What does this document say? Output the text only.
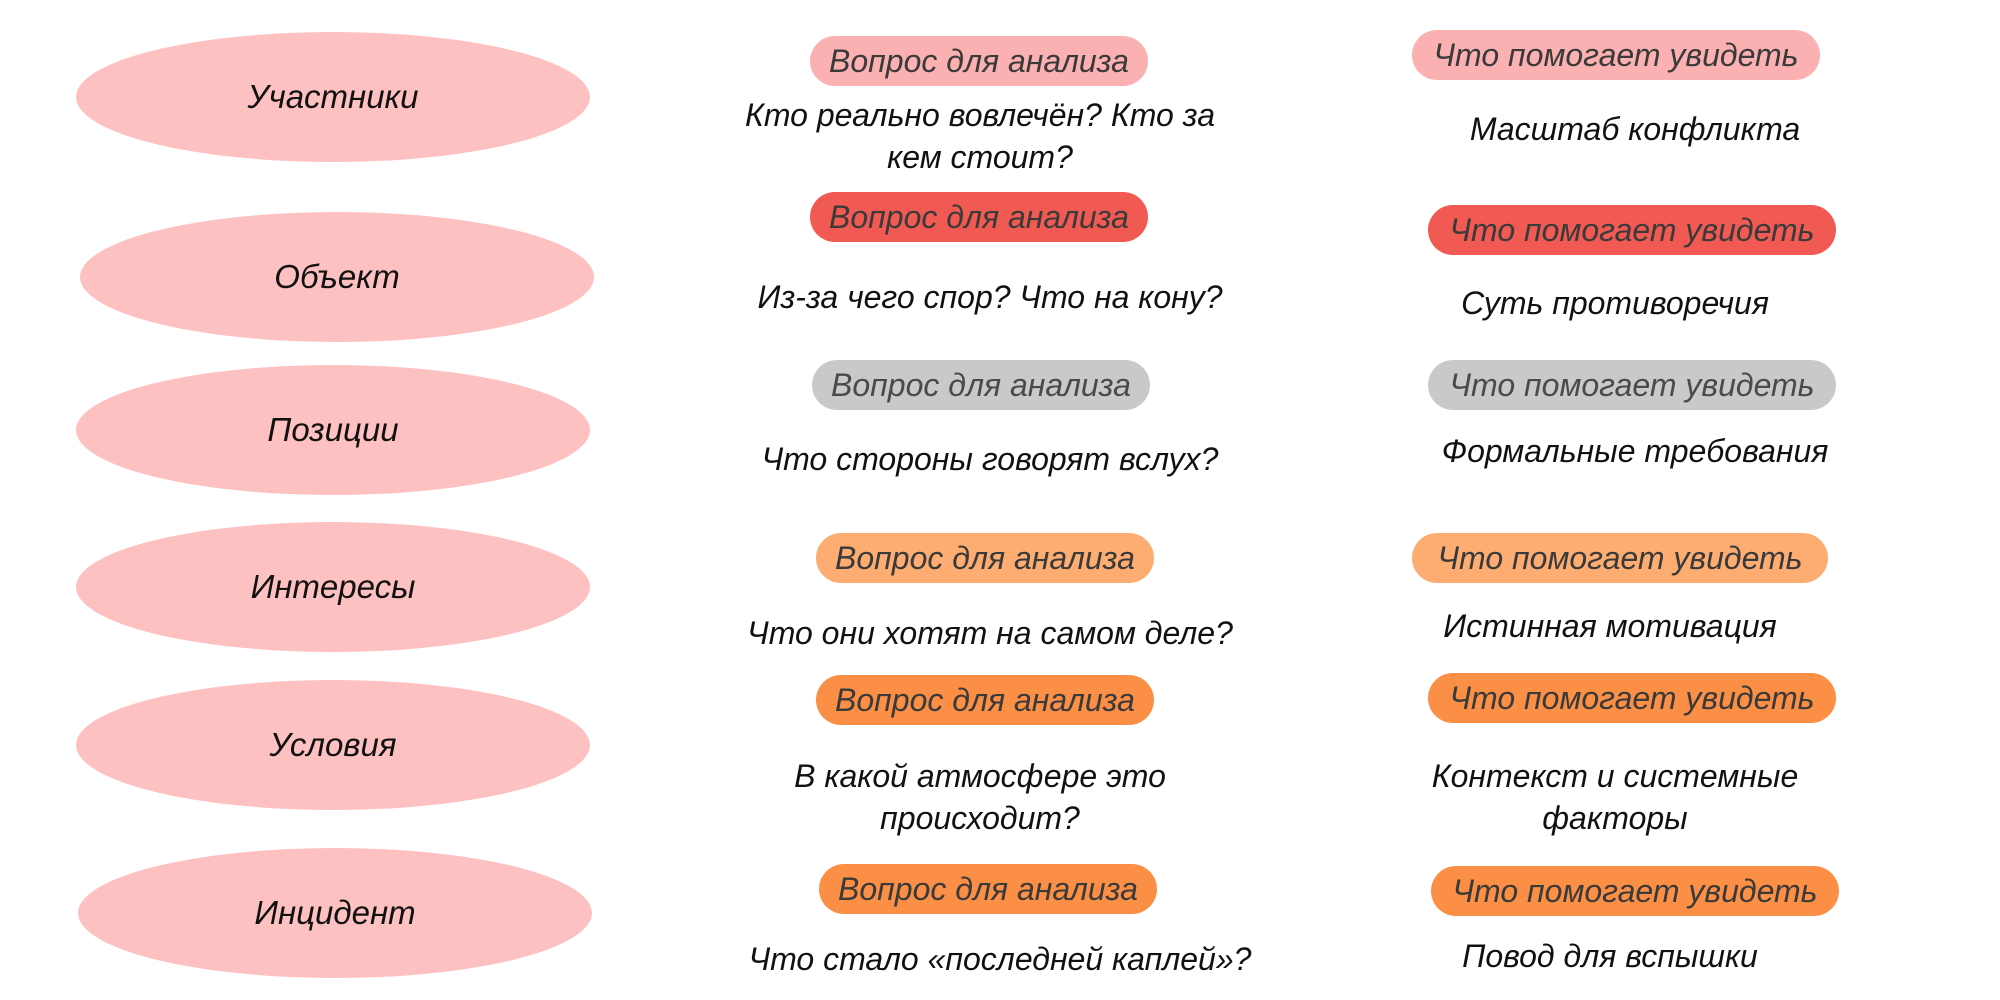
Участники
Вопрос для анализа
Кто реально вовлечён? Кто за кем стоит?
Что помогает увидеть
Масштаб конфликта
Объект
Вопрос для анализа
Из-за чего спор? Что на кону?
Что помогает увидеть
Суть противоречия
Позиции
Вопрос для анализа
Что стороны говорят вслух?
Что помогает увидеть
Формальные требования
Интересы
Вопрос для анализа
Что они хотят на самом деле?
Что помогает увидеть
Истинная мотивация
Условия
Вопрос для анализа
В какой атмосфере это происходит?
Что помогает увидеть
Контекст и системные факторы
Инцидент
Вопрос для анализа
Что стало «последней каплей»?
Что помогает увидеть
Повод для вспышки
